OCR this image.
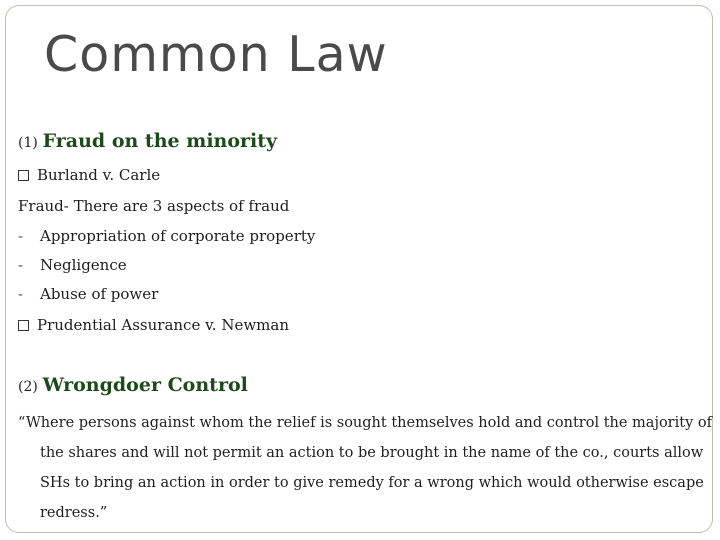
Common Law
(1) Fraud on the minority
Burland v. Carle
Fraud- There are 3 aspects of fraud
- Appropriation of corporate property
- Negligence
- Abuse of power
Prudential Assurance v. Newman
(2) Wrongdoer Control
“Where persons against whom the relief is sought themselves hold and control the majority of
the shares and will not permit an action to be brought in the name of the co., courts allow
SHs to bring an action in order to give remedy for a wrong which would otherwise escape
redress.”
